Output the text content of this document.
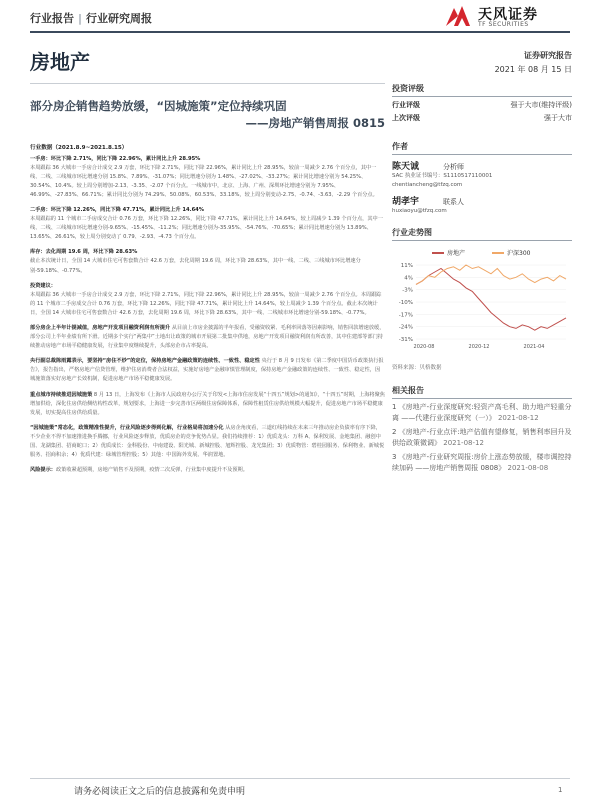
行业报告 | 行业研究周报	天风证券
TF SECURITIES
房地产
部分房企销售趋势放缓，“因城施策”定位持续巩固
——房地产销售周报 0815
行业数据（2021.8.9~2021.8.15）

一手房：环比下降 2.71%，同比下降 22.96%，累计同比上升 28.95%
本周跟踪 36 大城市一手房合计成交 2.9 万套，环比下降 2.71%，同比下降 22.96%，累计同比上升 28.95%，较前一周减少 2.76 个百分点，其中一线、二线、三线城市环比增速分别 15.8%、7.89%、-31.07%；同比增速分别为 1.48%、-27.02%、-33.27%；累计同比增速分别为 54.25%、30.54%、10.4%。较上周分别增加-2.13、-3.35、-2.07 个百分点。一线城市中，北京、上海、广州、深圳环比增速分别为 7.95%、46.99%、-27.83%、66.71%；累计同比分别为 74.29%、50.08%、60.53%、33.18%，较上周分别变动-2.75、-0.74、-3.63、-2.29 个百分点。

二手房：环比下降 12.26%，同比下降 47.71%，累计同比上升 14.64%
本周跟踪的 11 个城市二手房成交合计 0.76 万套，环比下降 12.26%，同比下降 47.71%，累计同比上升 14.64%，较上周减少 1.39 个百分点，其中一线、二线、三线城市环比增速分别-9.65%、-15.45%、-11.2%；同比增速分别为-35.95%、-54.76%、-70.65%；累计同比增速分别为 13.89%、13.65%、26.61%，较上周分别变动了 0.79、-2.93、-4.73 个百分点。

库存：去化周期 19.6 周，环比下降 28.63%
截止本次统计日，全国 14 大城市住宅可售套数合计 42.6 万套，去化周期 19.6 周，环比下降 28.63%，其中一线、二线、三线城市环比增速分别-59.18%、-0.77%。

投资建议：
本周跟踪 36 大城市一手房合计成交 2.9 万套，环比下降 2.71%，同比下降 22.96%，累计同比上升 28.95%，较前一周减少 2.76 个百分点。本周跟踪的 11 个城市二手房成交合计 0.76 万套，环比下降 12.26%，同比下降 47.71%，累计同比上升 14.64%，较上周减少 1.39 个百分点。截止本次统计日，全国 14 大城市住宅可售套数合计 42.6 万套，去化周期 19.6 周，环比下降 28.63%，其中一线、二线城市环比增速分别-59.18%、-0.77%。

部分房企上半年计提减值，房地产开发项目融资利润有所提升 从目前上市房企披露的半年报看，受融资收紧、毛利率回落等因素影响，销售回款增速放缓，部分公司上半年业绩有所下滑。近期多个实行“两集中”土地出让政策的城市开展第二批集中供地，房地产开发项目融资利润有所改善，其中住建部等部门持续推动房地产市场平稳健康发展，行业集中度继续提升，头部房企市占率提高。

央行副总裁陈雨露表示，要坚持“房住不炒”的定位，保持房地产金融政策的连续性、一致性、稳定性 央行于 8 月 9 日发布《第二季度中国货币政策执行报告》，报告指出，严格房地产信贷管理，维护住房消费者合法权益，实施好房地产金融审慎管理制度，保持房地产金融政策的连续性、一致性、稳定性，因城施策落实好房地产长效机制，促进房地产市场平稳健康发展。

重点城市持续推进因城施策 8 月 13 日，上海发布《上海市人民政府办公厅关于印发<上海市住房发展“十四五”规划>的通知》，“十四五”时期，上海将聚焦增加供给，深化住房供给侧结构性改革，规划要求，上海进一步完善市区两级住房保障体系，保障性租赁住房供给规模大幅提升，促进房地产市场平稳健康发展，切实提高住房供给质量。

“因城施策”常态化，政策精准性提升，行业风险逐步得到化解，行业格局将加速分化 从房企角度看，三道红线持续在未来三年推动房企负债率有序下降，不少企业不得不加速推进换手腾挪，行业风险逐步释放，优质房企的竞争优势凸显。我们持续推荐：1）优质龙头：万科 A、保利发展、金地集团、融创中国、龙湖集团、招商蛇口；2）优质成长：金科股份、中南建设、阳光城、新城控股、旭辉控股、龙光集团；3）优质物管：碧桂园服务、保利物业、新城悦服务、招商积余；4）优质代建：绿城管理控股；5）其他：中国海外发展、华润置地。

风险提示：政策收紧超预期，房地产销售不及预期，疫情二次反弹，行业集中度提升不及预期。

证券研究报告
2021 年 08 月 15 日
投资评级
行业评级	强于大市(维持评级)
上次评级	强于大市
作者
陈天诚	分析师
SAC 执业证书编号：S1110517110001
chentiancheng@tfzq.com
胡孝宇	联系人
huxiaoyu@tfzq.com
行业走势图
11%
4%
-3%
-10%
-17%
-24%
-31%
2020-08	2020-12	2021-04
房地产	沪深300
资料来源：贝格数据
相关报告
1 《房地产-行业深度研究:轻资产高毛利、助力地产轻重分离 ——代建行业深度研究（一）》 2021-08-12
2 《房地产-行业点评:地产估值有望修复，销售利率回升及供给政策微调》 2021-08-12
3 《房地产-行业研究周报:房价上涨态势放缓，楼市调控持续加码 ——房地产销售周报 0808》 2021-08-08
请务必阅读正文之后的信息披露和免责申明	1
